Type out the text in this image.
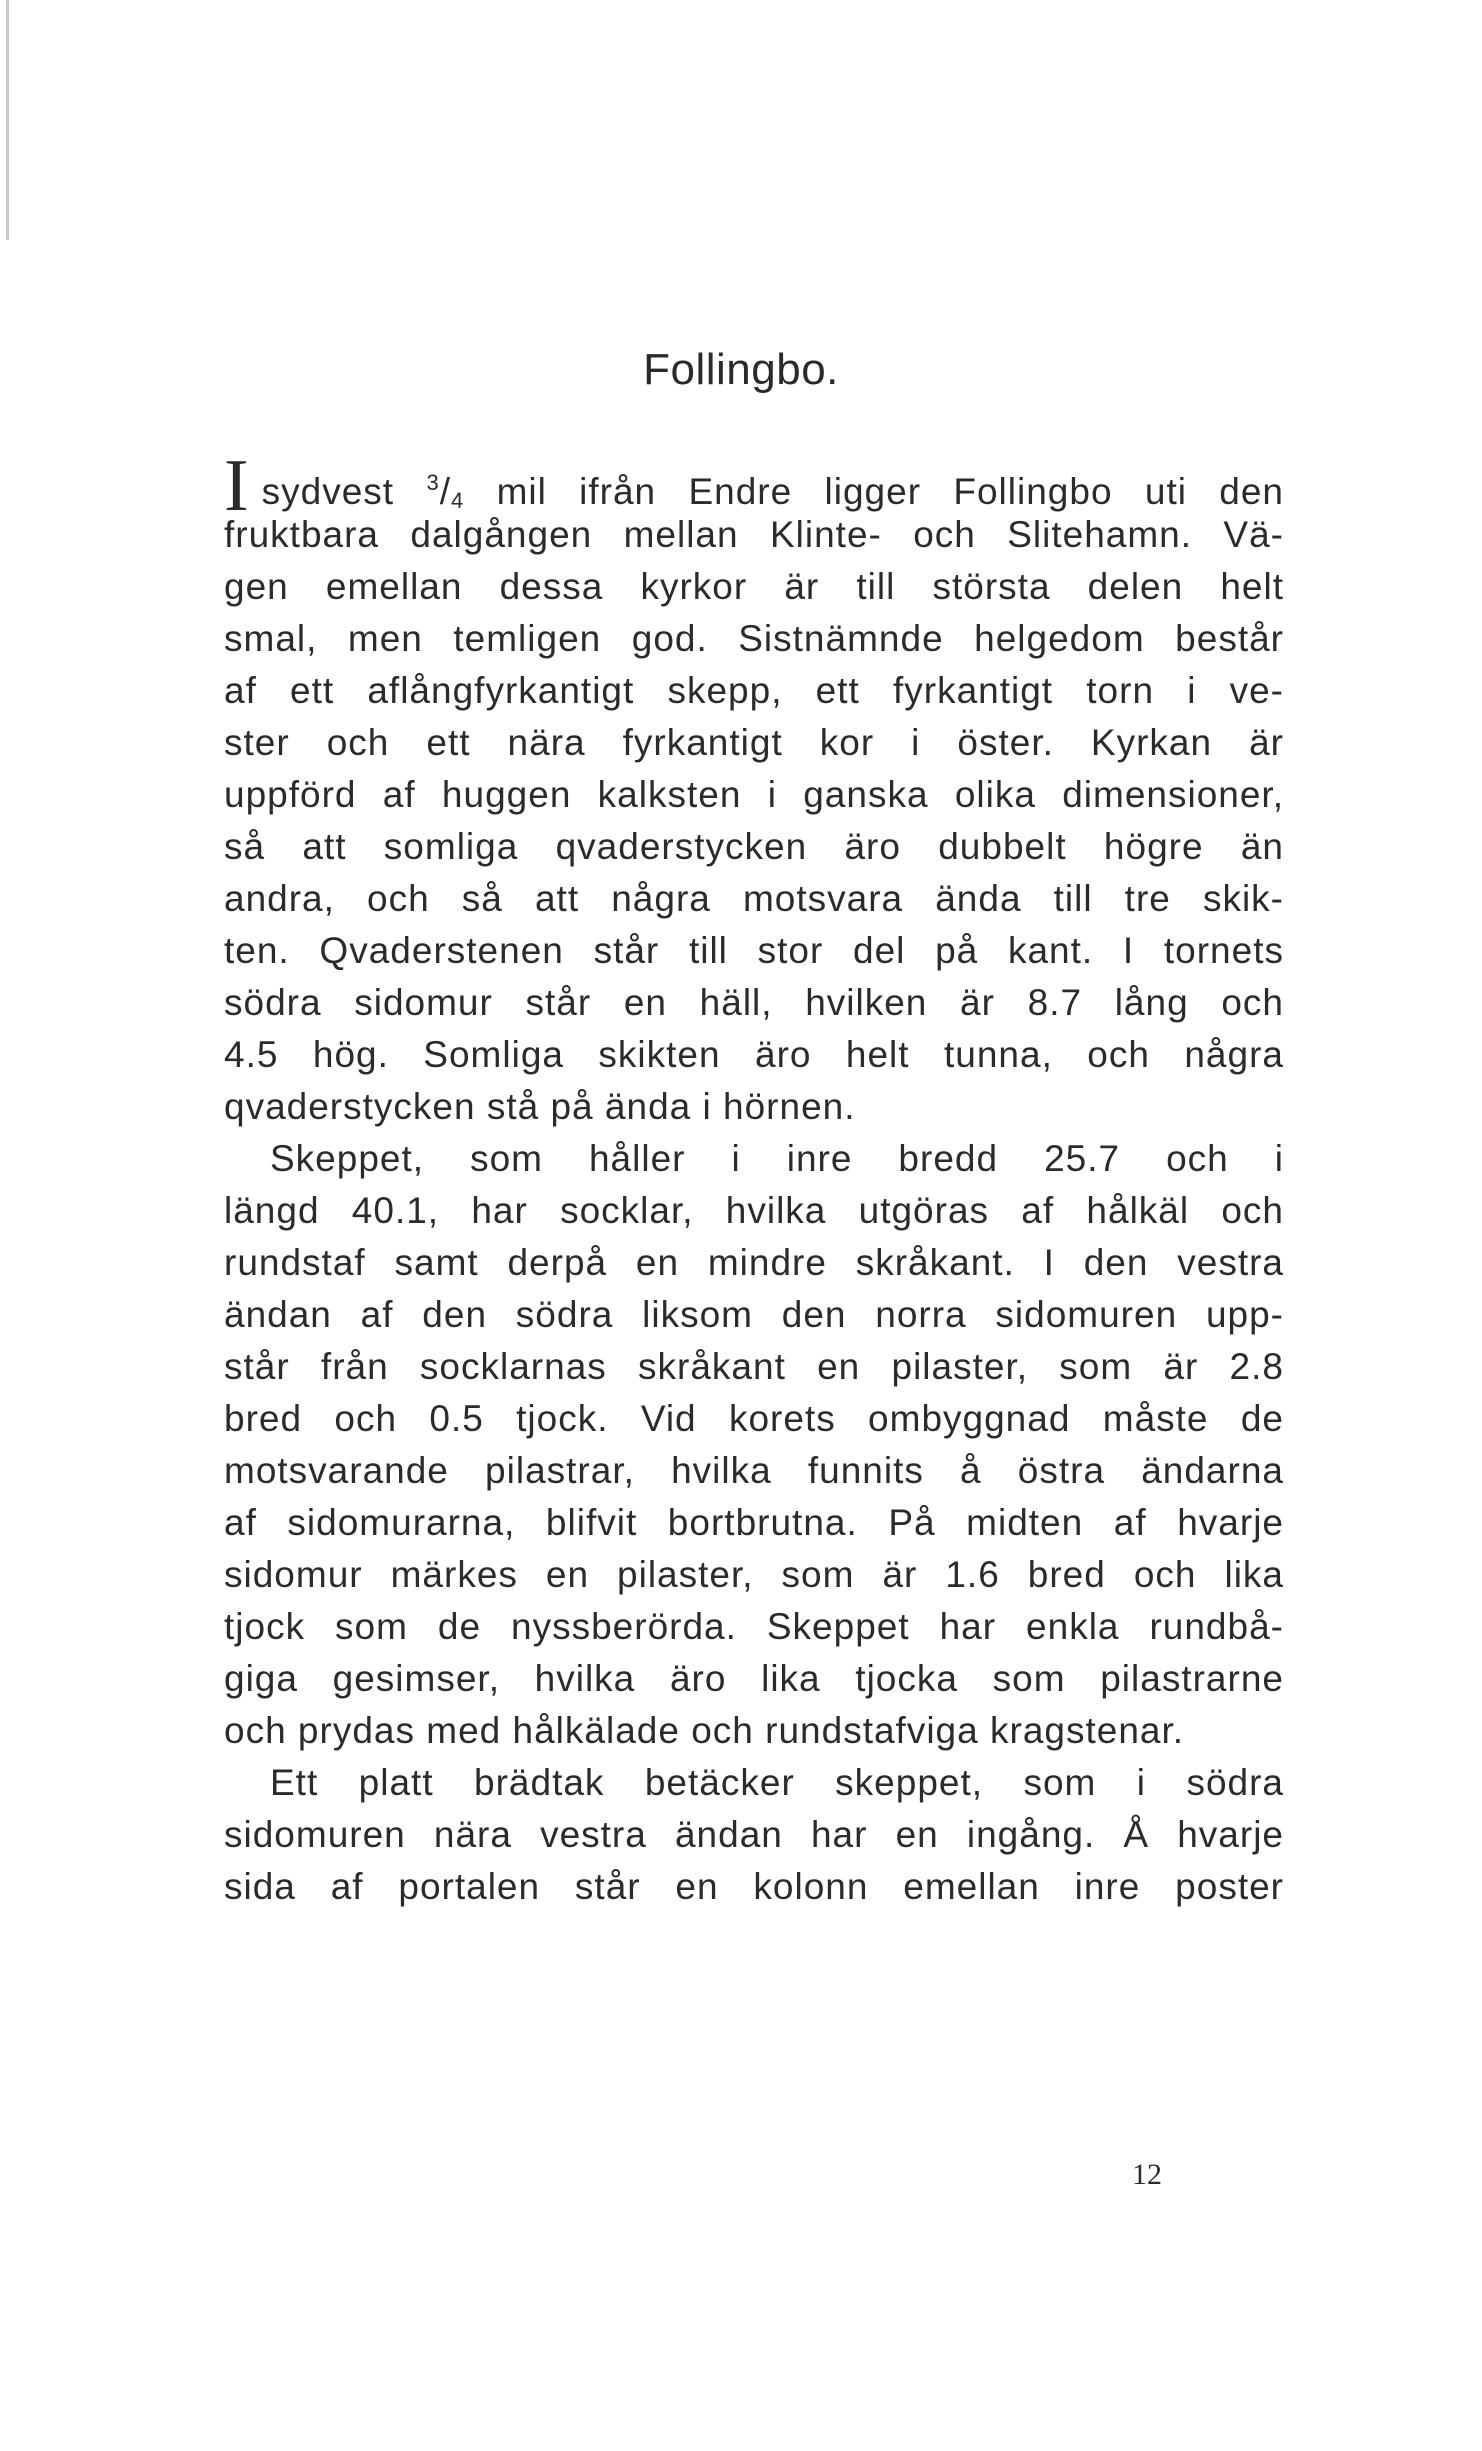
Follingbo.
Isydvest $^3/_4$ mil ifrån Endre ligger Follingbo uti den
fruktbara dalgången mellan Klinte- och Slitehamn. Vä-
gen emellan dessa kyrkor är till största delen helt
smal, men temligen god. Sistnämnde helgedom består
af ett aflångfyrkantigt skepp, ett fyrkantigt torn i ve-
ster och ett nära fyrkantigt kor i öster. Kyrkan är
uppförd af huggen kalksten i ganska olika dimensioner,
så att somliga qvaderstycken äro dubbelt högre än
andra, och så att några motsvara ända till tre skik-
ten. Qvaderstenen står till stor del på kant. I tornets
södra sidomur står en häll, hvilken är 8.7 lång och
4.5 hög. Somliga skikten äro helt tunna, och några
qvaderstycken stå på ända i hörnen.
Skeppet, som håller i inre bredd 25.7 och i
längd 40.1, har socklar, hvilka utgöras af hålkäl och
rundstaf samt derpå en mindre skråkant. I den vestra
ändan af den södra liksom den norra sidomuren upp-
står från socklarnas skråkant en pilaster, som är 2.8
bred och 0.5 tjock. Vid korets ombyggnad måste de
motsvarande pilastrar, hvilka funnits å östra ändarna
af sidomurarna, blifvit bortbrutna. På midten af hvarje
sidomur märkes en pilaster, som är 1.6 bred och lika
tjock som de nyssberörda. Skeppet har enkla rundbå-
giga gesimser, hvilka äro lika tjocka som pilastrarne
och prydas med hålkälade och rundstafviga kragstenar.
Ett platt brädtak betäcker skeppet, som i södra
sidomuren nära vestra ändan har en ingång. Å hvarje
sida af portalen står en kolonn emellan inre poster
12
